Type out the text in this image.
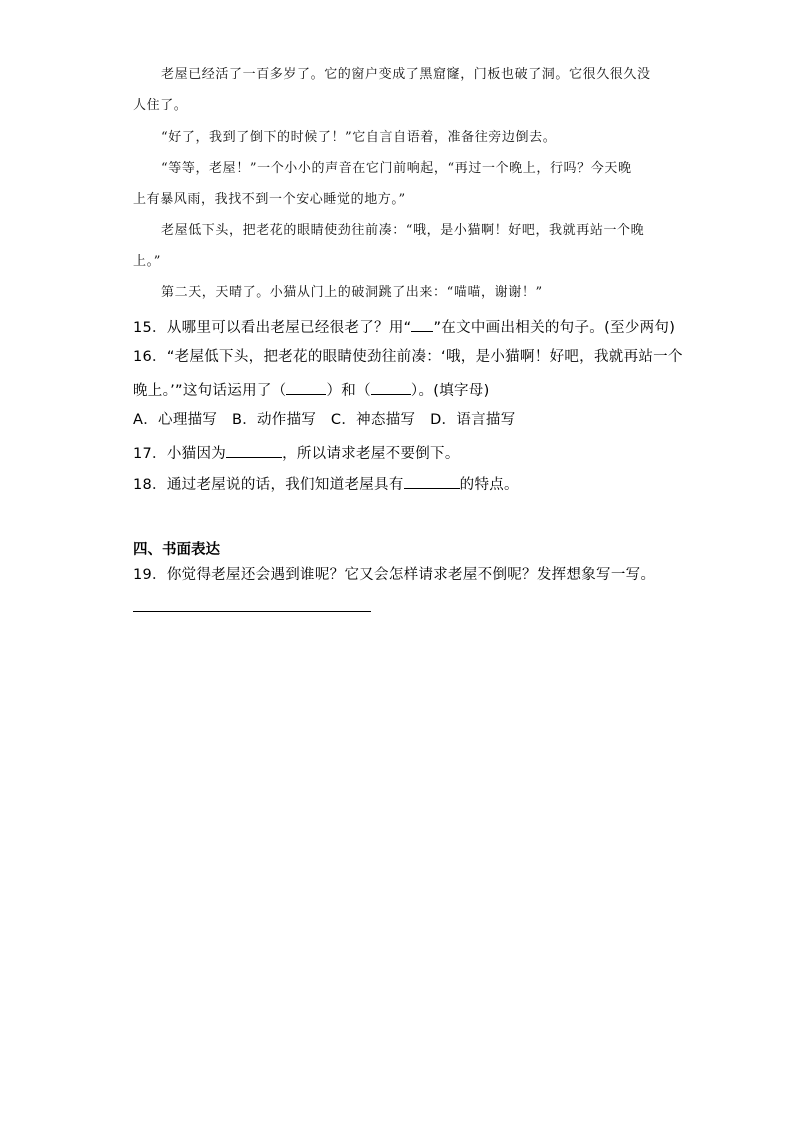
老屋已经活了一百多岁了。它的窗户变成了黑窟窿，门板也破了洞。它很久很久没
人住了。
“好了，我到了倒下的时候了！”它自言自语着，准备往旁边倒去。
“等等，老屋！”一个小小的声音在它门前响起，“再过一个晚上，行吗？今天晚
上有暴风雨，我找不到一个安心睡觉的地方。”
老屋低下头，把老花的眼睛使劲往前凑：“哦，是小猫啊！好吧，我就再站一个晚
上。”
第二天，天晴了。小猫从门上的破洞跳了出来：“喵喵，谢谢！”
15．从哪里可以看出老屋已经很老了？用“ ”在文中画出相关的句子。(至少两句)
16．“老屋低下头，把老花的眼睛使劲往前凑：‘哦，是小猫啊！好吧，我就再站一个
晚上。’”这句话运用了（	）和（	）。(填字母)
A．心理描写   B．动作描写   C．神态描写   D．语言描写
17．小猫因为	，所以请求老屋不要倒下。
18．通过老屋说的话，我们知道老屋具有	的特点。
四、书面表达
19．你觉得老屋还会遇到谁呢？它又会怎样请求老屋不倒呢？发挥想象写一写。
